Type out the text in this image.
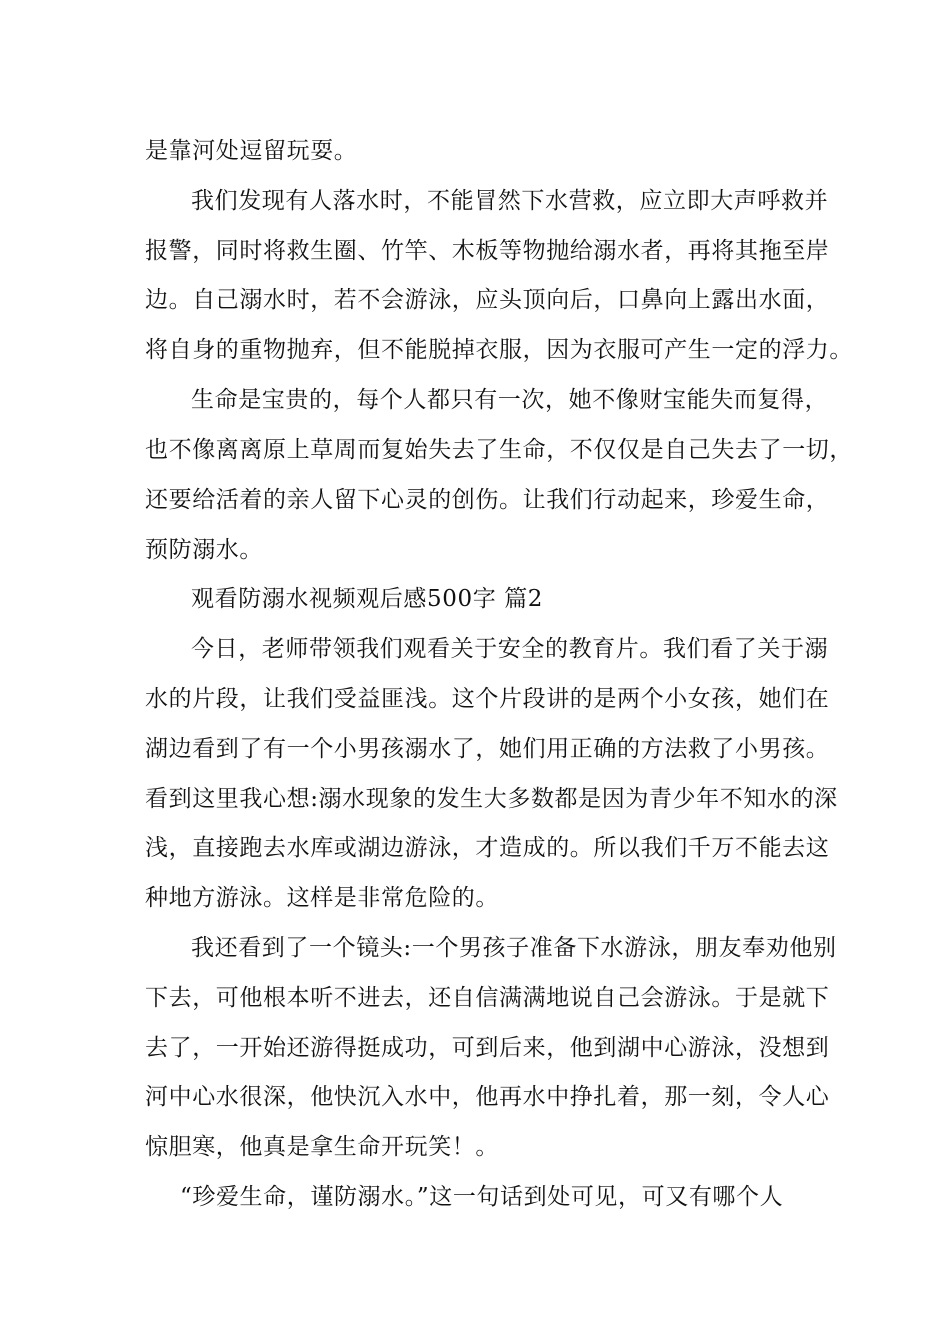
是靠河处逗留玩耍。

我们发现有人落水时，不能冒然下水营救，应立即大声呼救并

报警，同时将救生圈、竹竿、木板等物抛给溺水者，再将其拖至岸

边。自己溺水时，若不会游泳，应头顶向后，口鼻向上露出水面，

将自身的重物抛弃，但不能脱掉衣服，因为衣服可产生一定的浮力。

生命是宝贵的，每个人都只有一次，她不像财宝能失而复得，

也不像离离原上草周而复始失去了生命，不仅仅是自己失去了一切，

还要给活着的亲人留下心灵的创伤。让我们行动起来，珍爱生命，

预防溺水。

观看防溺水视频观后感500字 篇2

今日，老师带领我们观看关于安全的教育片。我们看了关于溺

水的片段，让我们受益匪浅。这个片段讲的是两个小女孩，她们在

湖边看到了有一个小男孩溺水了，她们用正确的方法救了小男孩。

看到这里我心想:溺水现象的发生大多数都是因为青少年不知水的深

浅，直接跑去水库或湖边游泳，才造成的。所以我们千万不能去这

种地方游泳。这样是非常危险的。

我还看到了一个镜头:一个男孩子准备下水游泳，朋友奉劝他别

下去，可他根本听不进去，还自信满满地说自己会游泳。于是就下

去了，一开始还游得挺成功，可到后来，他到湖中心游泳，没想到

河中心水很深，他快沉入水中，他再水中挣扎着，那一刻，令人心

惊胆寒，他真是拿生命开玩笑！。

“珍爱生命，谨防溺水。”这一句话到处可见，可又有哪个人
